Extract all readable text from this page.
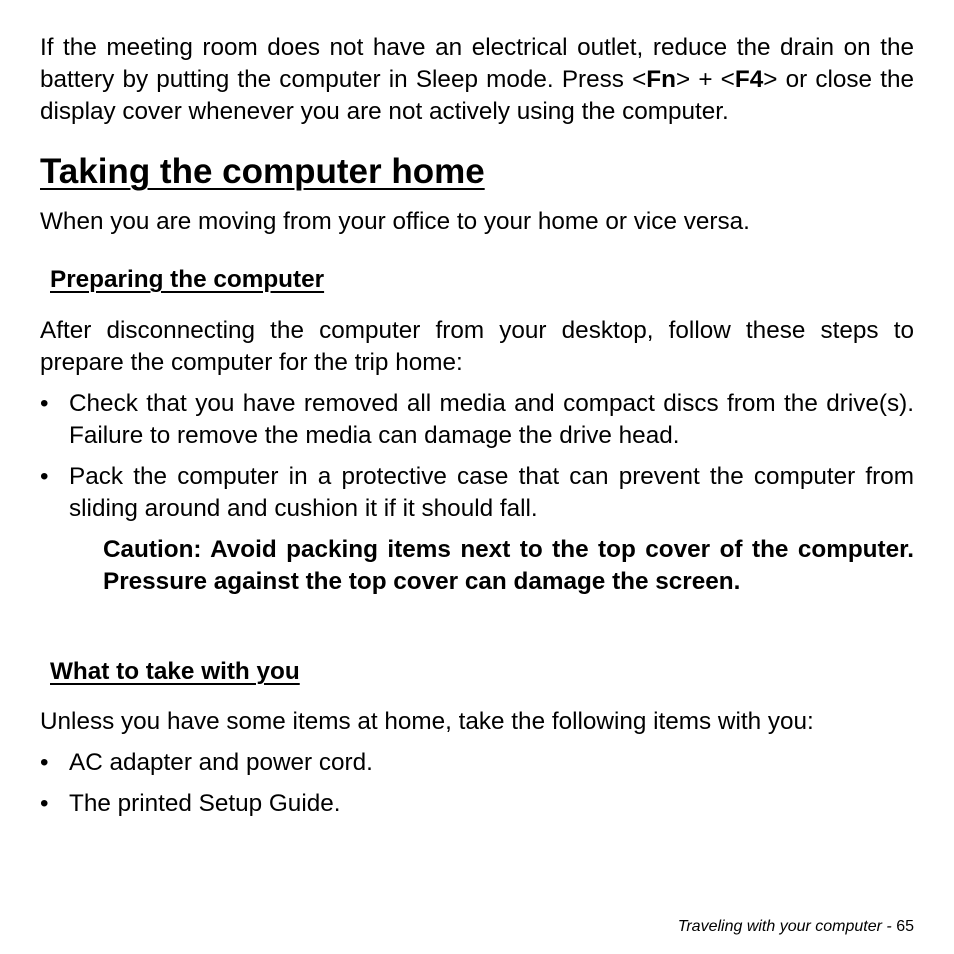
If the meeting room does not have an electrical outlet, reduce the drain on the battery by putting the computer in Sleep mode. Press <Fn> + <F4> or close the display cover whenever you are not actively using the computer.

Taking the computer home

When you are moving from your office to your home or vice versa.

Preparing the computer

After disconnecting the computer from your desktop, follow these steps to prepare the computer for the trip home:

• Check that you have removed all media and compact discs from the drive(s). Failure to remove the media can damage the drive head.
• Pack the computer in a protective case that can prevent the computer from sliding around and cushion it if it should fall.

Caution: Avoid packing items next to the top cover of the computer. Pressure against the top cover can damage the screen.

What to take with you

Unless you have some items at home, take the following items with you:

• AC adapter and power cord.
• The printed Setup Guide.
Traveling with your computer - 65
